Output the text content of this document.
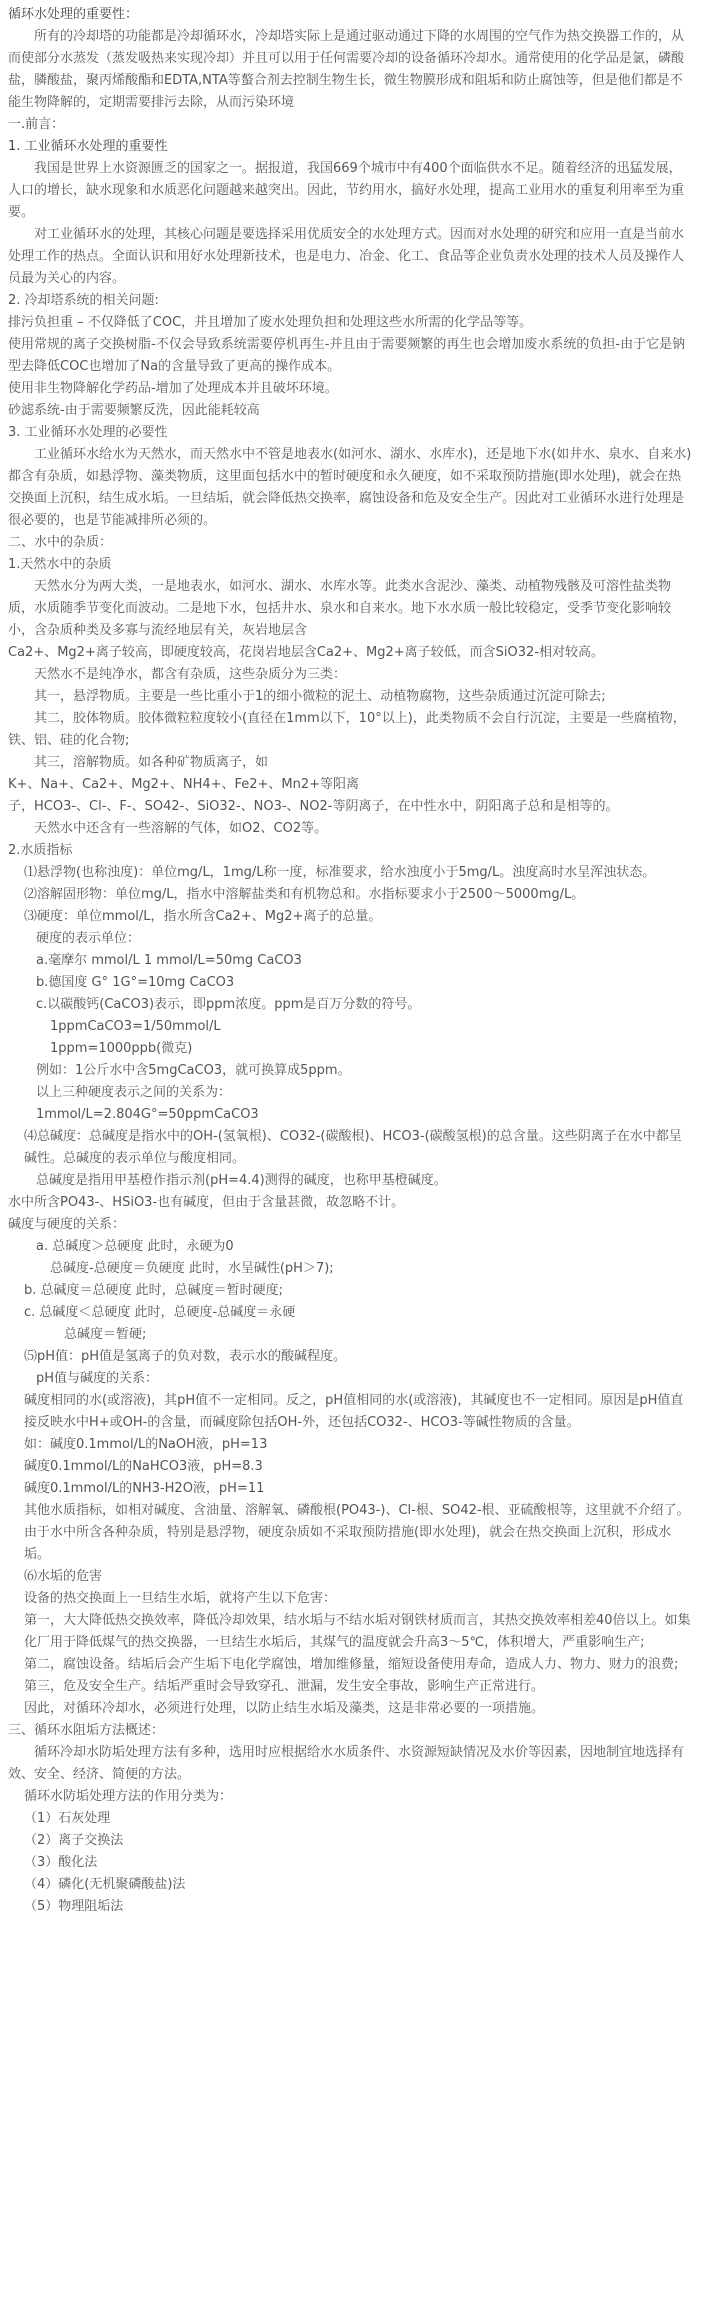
循环水处理的重要性：

所有的冷却塔的功能都是冷却循环水，冷却塔实际上是通过驱动通过下降的水周围的空气作为热交换器工作的，从而使部分水蒸发（蒸发吸热来实现冷却）并且可以用于任何需要冷却的设备循环冷却水。通常使用的化学品是氯，磷酸盐，膦酸盐，聚丙烯酸酯和EDTA,NTA等螯合剂去控制生物生长，微生物膜形成和阻垢和防止腐蚀等，但是他们都是不能生物降解的，定期需要排污去除，从而污染环境

一.前言：

1. 工业循环水处理的重要性

我国是世界上水资源匮乏的国家之一。据报道，我国669个城市中有400个面临供水不足。随着经济的迅猛发展，人口的增长，缺水现象和水质恶化问题越来越突出。因此，节约用水，搞好水处理，提高工业用水的重复利用率至为重要。

对工业循环水的处理，其核心问题是要选择采用优质安全的水处理方式。因而对水处理的研究和应用一直是当前水处理工作的热点。全面认识和用好水处理新技术，也是电力、冶金、化工、食品等企业负责水处理的技术人员及操作人员最为关心的内容。

2. 冷却塔系统的相关问题:

排污负担重 – 不仅降低了COC，并且增加了废水处理负担和处理这些水所需的化学品等等。

使用常规的离子交换树脂-不仅会导致系统需要停机再生-并且由于需要频繁的再生也会增加废水系统的负担-由于它是钠型去降低COC也增加了Na的含量导致了更高的操作成本。

使用非生物降解化学药品-增加了处理成本并且破坏环境。

砂滤系统-由于需要频繁反洗，因此能耗较高

3. 工业循环水处理的必要性

工业循环水给水为天然水，而天然水中不管是地表水(如河水、湖水、水库水)，还是地下水(如井水、泉水、自来水)都含有杂质，如悬浮物、藻类物质，这里面包括水中的暂时硬度和永久硬度，如不采取预防措施(即水处理)，就会在热交换面上沉积，结生成水垢。一旦结垢，就会降低热交换率，腐蚀设备和危及安全生产。因此对工业循环水进行处理是很必要的，也是节能减排所必须的。

二、水中的杂质：

1.天然水中的杂质

天然水分为两大类，一是地表水，如河水、湖水、水库水等。此类水含泥沙、藻类、动植物残骸及可溶性盐类物质，水质随季节变化而波动。二是地下水，包括井水、泉水和自来水。地下水水质一般比较稳定，受季节变化影响较小，含杂质种类及多寡与流经地层有关，灰岩地层含

Ca2+、Mg2+离子较高，即硬度较高，花岗岩地层含Ca2+、Mg2+离子较低，而含SiO32-相对较高。

天然水不是纯净水，都含有杂质，这些杂质分为三类：

其一，悬浮物质。主要是一些比重小于1的细小微粒的泥土、动植物腐物，这些杂质通过沉淀可除去;

其二，胶体物质。胶体微粒粒度较小(直径在1mm以下，10°以上)，此类物质不会自行沉淀，主要是一些腐植物，铁、铝、硅的化合物;

其三，溶解物质。如各种矿物质离子，如

K+、Na+、Ca2+、Mg2+、NH4+、Fe2+、Mn2+等阳离

子，HCO3-、Cl-、F-、SO42-、SiO32-、NO3-、NO2-等阴离子，在中性水中，阴阳离子总和是相等的。

天然水中还含有一些溶解的气体，如O2、CO2等。

2.水质指标

⑴悬浮物(也称浊度)：单位mg/L，1mg/L称一度，标准要求，给水浊度小于5mg/L。浊度高时水呈浑浊状态。

⑵溶解固形物：单位mg/L，指水中溶解盐类和有机物总和。水指标要求小于2500～5000mg/L。

⑶硬度：单位mmol/L，指水所含Ca2+、Mg2+离子的总量。

硬度的表示单位：

a.毫摩尔 mmol/L 1 mmol/L=50mg CaCO3

b.德国度 G° 1G°=10mg CaCO3

c.以碳酸钙(CaCO3)表示，即ppm浓度。ppm是百万分数的符号。

1ppmCaCO3=1/50mmol/L

1ppm=1000ppb(微克)

例如：1公斤水中含5mgCaCO3，就可换算成5ppm。

以上三种硬度表示之间的关系为：

1mmol/L=2.804G°=50ppmCaCO3

⑷总碱度：总碱度是指水中的OH-(氢氧根)、CO32-(碳酸根)、HCO3-(碳酸氢根)的总含量。这些阴离子在水中都呈碱性。总碱度的表示单位与酸度相同。

总碱度是指用甲基橙作指示剂(pH=4.4)测得的碱度，也称甲基橙碱度。

水中所含PO43-、HSiO3-也有碱度，但由于含量甚微，故忽略不计。

碱度与硬度的关系：

a. 总碱度＞总硬度 此时，永硬为0

总碱度-总硬度＝负硬度 此时，水呈碱性(pH＞7);

b. 总碱度＝总硬度 此时，总碱度＝暂时硬度;

c. 总碱度＜总硬度 此时，总硬度-总碱度＝永硬

总碱度＝暂硬;

⑸pH值：pH值是氢离子的负对数，表示水的酸碱程度。

pH值与碱度的关系：

碱度相同的水(或溶液)，其pH值不一定相同。反之，pH值相同的水(或溶液)，其碱度也不一定相同。原因是pH值直接反映水中H+或OH-的含量，而碱度除包括OH-外，还包括CO32-、HCO3-等碱性物质的含量。

如：碱度0.1mmol/L的NaOH液，pH=13

碱度0.1mmol/L的NaHCO3液，pH=8.3

碱度0.1mmol/L的NH3-H2O液，pH=11

其他水质指标，如相对碱度、含油量、溶解氧、磷酸根(PO43-)、Cl-根、SO42-根、亚硫酸根等，这里就不介绍了。

由于水中所含各种杂质，特别是悬浮物，硬度杂质如不采取预防措施(即水处理)，就会在热交换面上沉积，形成水垢。

⑹水垢的危害

设备的热交换面上一旦结生水垢，就将产生以下危害：

第一，大大降低热交换效率，降低冷却效果，结水垢与不结水垢对钢铁材质而言，其热交换效率相差40倍以上。如集化厂用于降低煤气的热交换器，一旦结生水垢后，其煤气的温度就会升高3～5℃，体积增大，严重影响生产;

第二，腐蚀设备。结垢后会产生垢下电化学腐蚀，增加维修量，缩短设备使用寿命，造成人力、物力、财力的浪费;

第三，危及安全生产。结垢严重时会导致穿孔、泄漏，发生安全事故，影响生产正常进行。

因此，对循环冷却水，必须进行处理，以防止结生水垢及藻类，这是非常必要的一项措施。

三、循环水阻垢方法概述：

循环冷却水防垢处理方法有多种，选用时应根据给水水质条件、水资源短缺情况及水价等因素，因地制宜地选择有效、安全、经济、简便的方法。

循环水防垢处理方法的作用分类为：

（1）石灰处理

（2）离子交换法

（3）酸化法

（4）磷化(无机聚磷酸盐)法

（5）物理阻垢法
